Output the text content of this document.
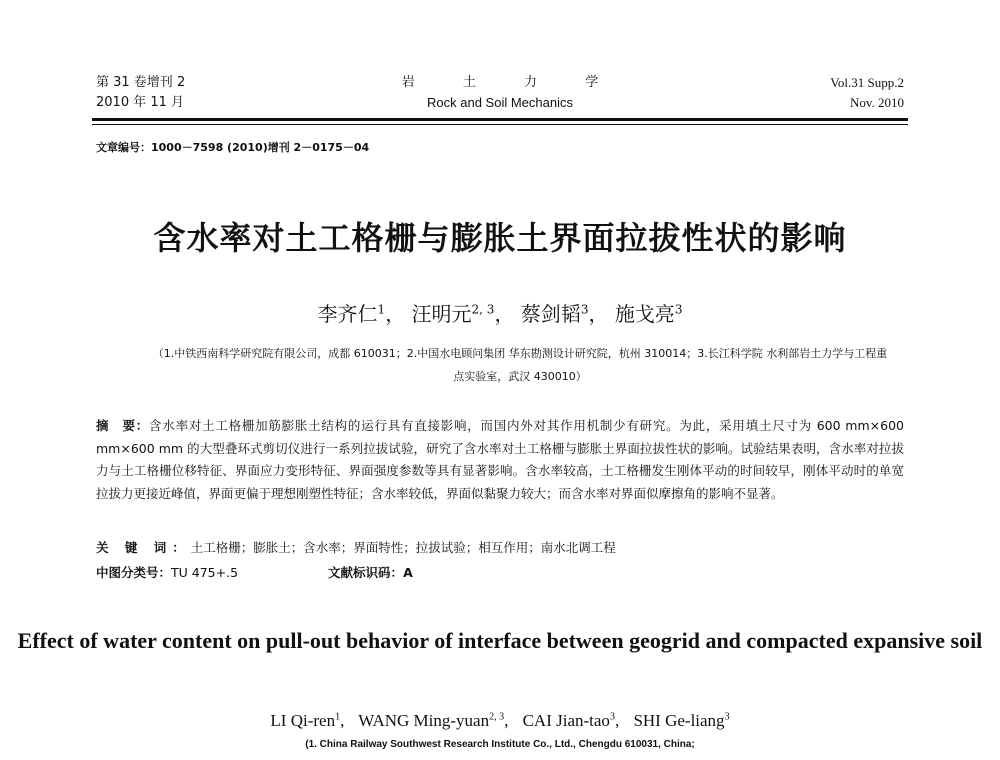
第 31 卷增刊 2
2010 年 11 月
岩 土 力 学
Rock and Soil Mechanics
Vol.31 Supp.2
Nov. 2010
文章编号：1000－7598 (2010)增刊 2－0175－04
含水率对土工格栅与膨胀土界面拉拔性状的影响
李齐仁$^1$， 汪明元$^{2, 3}$， 蔡剑韬$^3$， 施戈亮$^3$
（1.中铁西南科学研究院有限公司，成都 610031；2.中国水电顾问集团 华东勘测设计研究院，杭州 310014；3.长江科学院 水利部岩土力学与工程重点实验室，武汉 430010）
摘　要：含水率对土工格栅加筋膨胀土结构的运行具有直接影响，而国内外对其作用机制少有研究。为此，采用填土尺寸为 600 mm×600 mm×600 mm 的大型叠环式剪切仪进行一系列拉拔试验，研究了含水率对土工格栅与膨胀土界面拉拔性状的影响。试验结果表明，含水率对拉拔力与土工格栅位移特征、界面应力变形特征、界面强度参数等具有显著影响。含水率较高，土工格栅发生刚体平动的时间较早，刚体平动时的单宽拉拔力更接近峰值，界面更偏于理想刚塑性特征；含水率较低，界面似黏聚力较大；而含水率对界面似摩擦角的影响不显著。
关 键 词：土工格栅；膨胀土；含水率；界面特性；拉拔试验；相互作用；南水北调工程
中图分类号：TU 475+.5	文献标识码：A
Effect of water content on pull-out behavior of interface between geogrid and compacted expansive soil
LI Qi-ren$^1$, WANG Ming-yuan$^{2, 3}$, CAI Jian-tao$^3$, SHI Ge-liang$^3$
(1. China Railway Southwest Research Institute Co., Ltd., Chengdu 610031, China;
